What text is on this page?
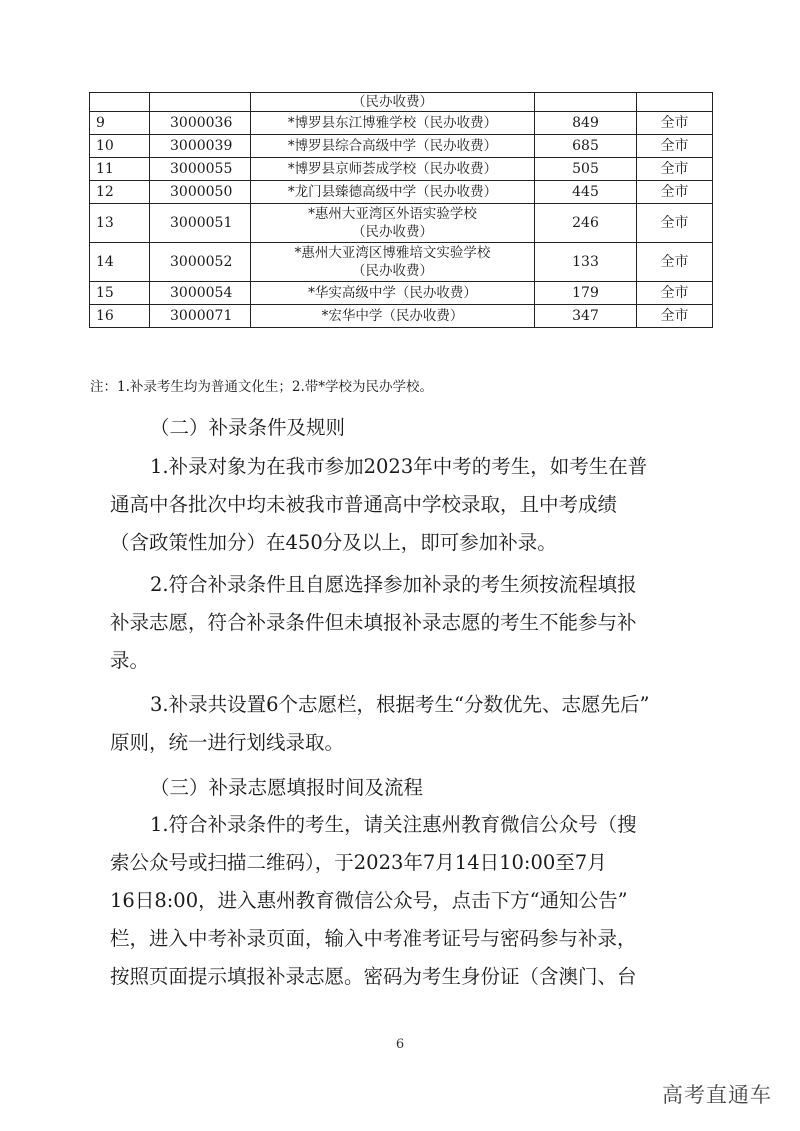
		（民办收费）		

9	3000036	*博罗县东江博雅学校（民办收费）	849	全市
10	3000039	*博罗县综合高级中学（民办收费）	685	全市
11	3000055	*博罗县京师荟成学校（民办收费）	505	全市
12	3000050	*龙门县臻德高级中学（民办收费）	445	全市
13	3000051	*惠州大亚湾区外语实验学校
（民办收费）	246	全市
14	3000052	*惠州大亚湾区博雅培文实验学校
（民办收费）	133	全市
15	3000054	*华实高级中学（民办收费）	179	全市
16	3000071	*宏华中学（民办收费）	347	全市
注：1.补录考生均为普通文化生；2.带*学校为民办学校。
（二）补录条件及规则
1.补录对象为在我市参加2023年中考的考生，如考生在普
通高中各批次中均未被我市普通高中学校录取，且中考成绩
（含政策性加分）在450分及以上，即可参加补录。
2.符合补录条件且自愿选择参加补录的考生须按流程填报
补录志愿，符合补录条件但未填报补录志愿的考生不能参与补
录。
3.补录共设置6个志愿栏，根据考生“分数优先、志愿先后”
原则，统一进行划线录取。
（三）补录志愿填报时间及流程
1.符合补录条件的考生，请关注惠州教育微信公众号（搜
索公众号或扫描二维码），于2023年7月14日10:00至7月
16日8:00，进入惠州教育微信公众号，点击下方“通知公告”
栏，进入中考补录页面，输入中考准考证号与密码参与补录，
按照页面提示填报补录志愿。密码为考生身份证（含澳门、台
6
高考直通车
